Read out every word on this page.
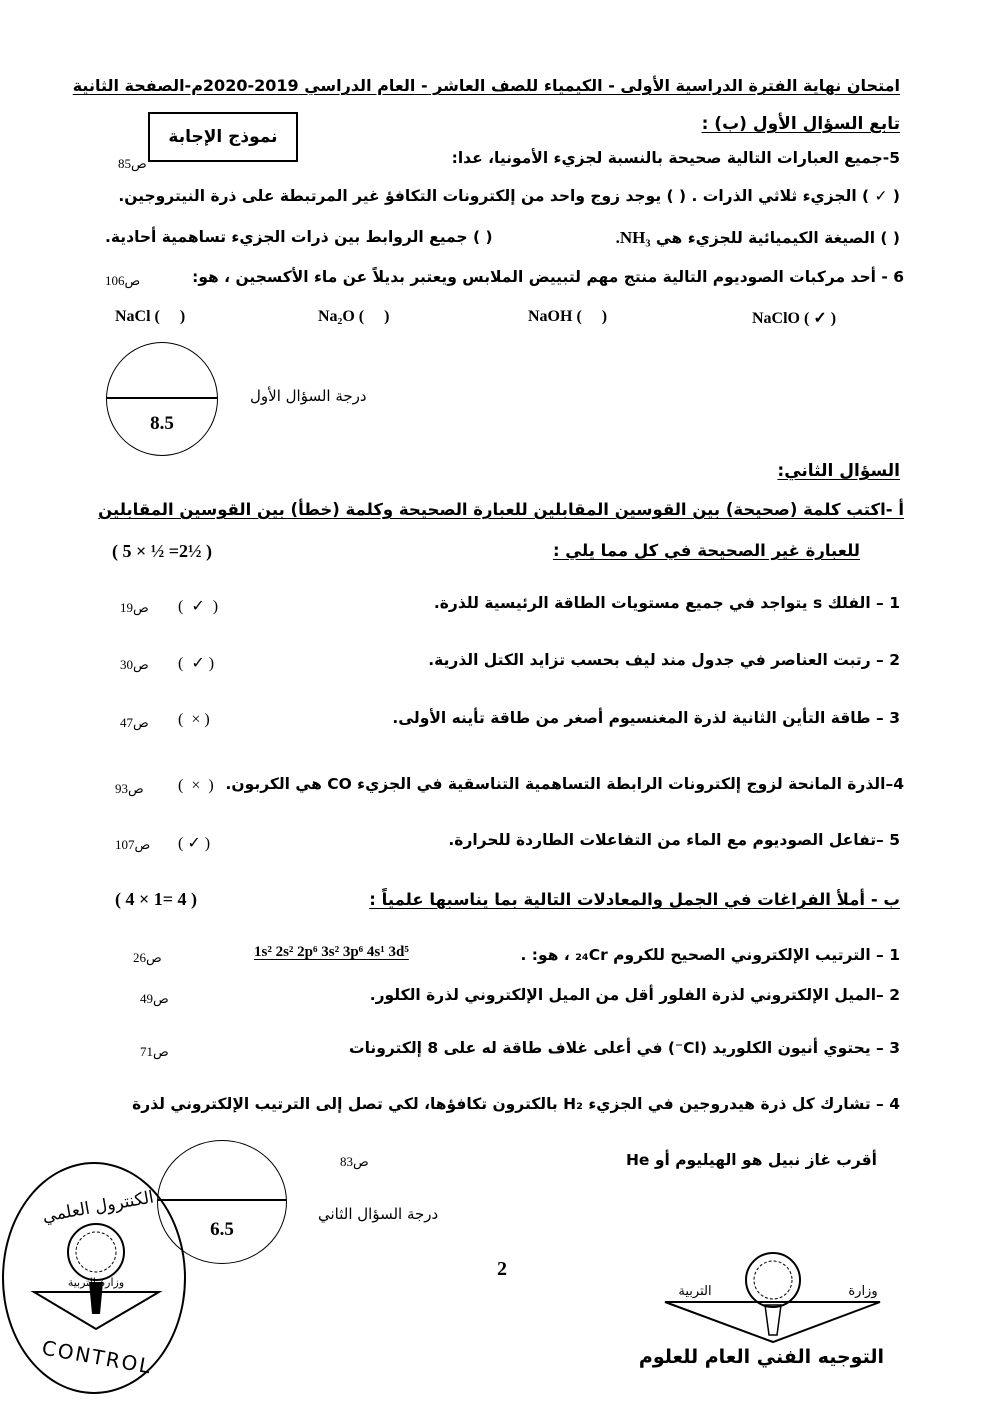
امتحان نهاية الفترة الدراسية الأولى - الكيمياء للصف العاشر - العام الدراسي 2019-2020م-الصفحة الثانية
نموذج الإجابة
تابع السؤال الأول (ب) :
5-جميع العبارات التالية صحيحة بالنسبة لجزيء الأمونيا، عدا:
ص85
( ✓ ) الجزيء ثلاثي الذرات . ( ) يوجد زوج واحد من إلكترونات التكافؤ غير المرتبطة على ذرة النيتروجين.
( ) الصيغة الكيميائية للجزيء هي NH₃.
( ) جميع الروابط بين ذرات الجزيء تساهمية أحادية.
6 - أحد مركبات الصوديوم التالية منتج مهم لتبييض الملابس ويعتبر بديلاً عن ماء الأكسجين ، هو:
ص106
NaCl (     )	Na₂O (     )	NaOH (     )	NaClO ( ✓ )
8.5
درجة السؤال الأول
السؤال الثاني:
أ -اكتب كلمة (صحيحة) بين القوسين المقابلين للعبارة الصحيحة وكلمة (خطأ) بين القوسين المقابلين
للعبارة غير الصحيحة في كل مما يلي :
( 5 × ½ =2½ )
1 – الفلك s يتواجد في جميع مستويات الطاقة الرئيسية للذرة.
(  ✓  )
ص19
2 – رتبت العناصر في جدول مند ليف بحسب تزايد الكتل الذرية.
(  ✓ )
ص30
3 – طاقة التأين الثانية لذرة المغنسيوم أصغر من طاقة تأينه الأولى.
(  × )
ص47
4–الذرة المانحة لزوج إلكترونات الرابطة التساهمية التناسقية في الجزيء CO هي الكربون.
(  ×  )
ص93
5 –تفاعل الصوديوم مع الماء من التفاعلات الطاردة للحرارة.
( ✓ )
ص107
ب - أملأ الفراغات في الجمل والمعادلات التالية بما يناسبها علمياً :
( 4 × 1= 4 )
1 – الترتيب الإلكتروني الصحيح للكروم ₂₄Cr ، هو: .
1s² 2s² 2p⁶ 3s² 3p⁶ 4s¹ 3d⁵
ص26
2 –الميل الإلكتروني لذرة الفلور أقل من الميل الإلكتروني لذرة الكلور.
ص49
3 – يحتوي أنيون الكلوريد (Cl⁻) في أعلى غلاف طاقة له على 8 إلكترونات
ص71
4 – تشارك كل ذرة هيدروجين في الجزيء H₂ بالكترون تكافؤها، لكي تصل إلى الترتيب الإلكتروني لذرة
أقرب غاز نبيل هو الهيليوم أو He
ص83
6.5
درجة السؤال الثاني
الكنترول العلمي
وزارة التربية
CONTROL
2
التربية	وزارة
التوجيه الفني العام للعلوم
